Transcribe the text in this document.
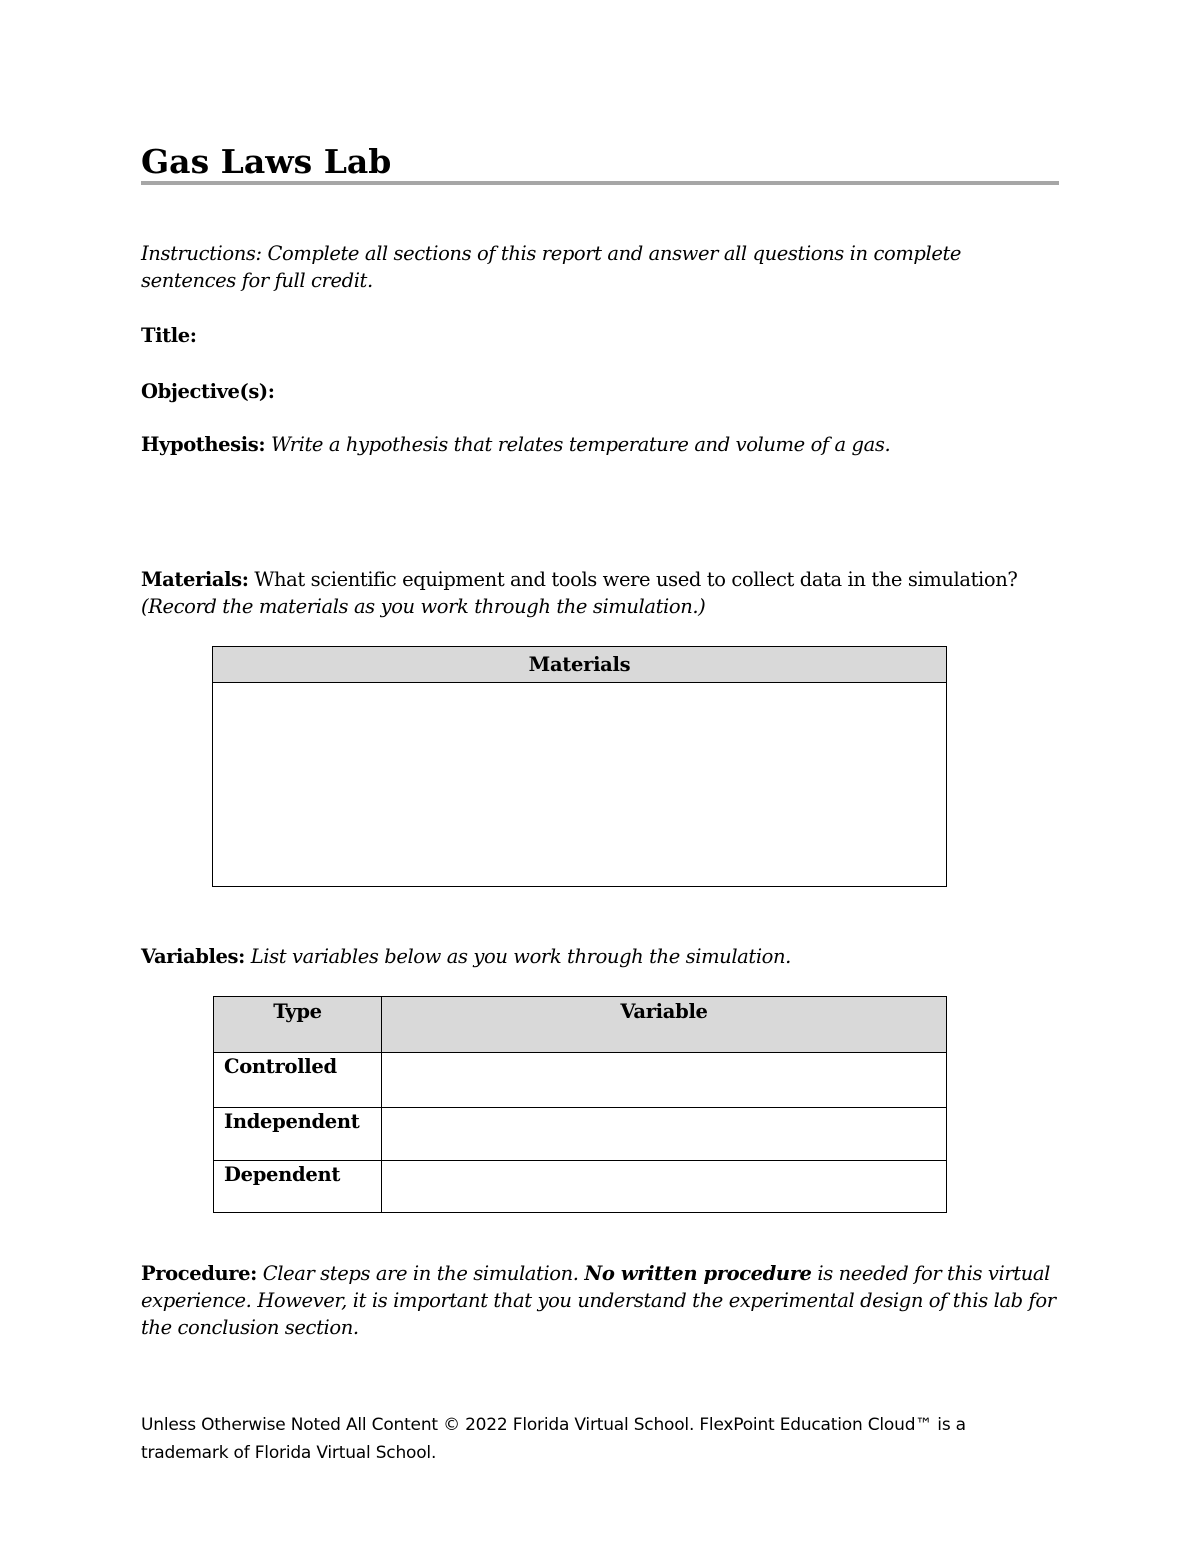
Gas Laws Lab
Instructions: Complete all sections of this report and answer all questions in complete sentences for full credit.
Title:
Objective(s):
Hypothesis: Write a hypothesis that relates temperature and volume of a gas.
Materials: What scientific equipment and tools were used to collect data in the simulation?
(Record the materials as you work through the simulation.)
Materials

Variables: List variables below as you work through the simulation.
Type	Variable
Controlled	
Independent	
Dependent	
Procedure: Clear steps are in the simulation. No written procedure is needed for this virtual experience. However, it is important that you understand the experimental design of this lab for the conclusion section.
Unless Otherwise Noted All Content © 2022 Florida Virtual School. FlexPoint Education Cloud™ is a trademark of Florida Virtual School.
